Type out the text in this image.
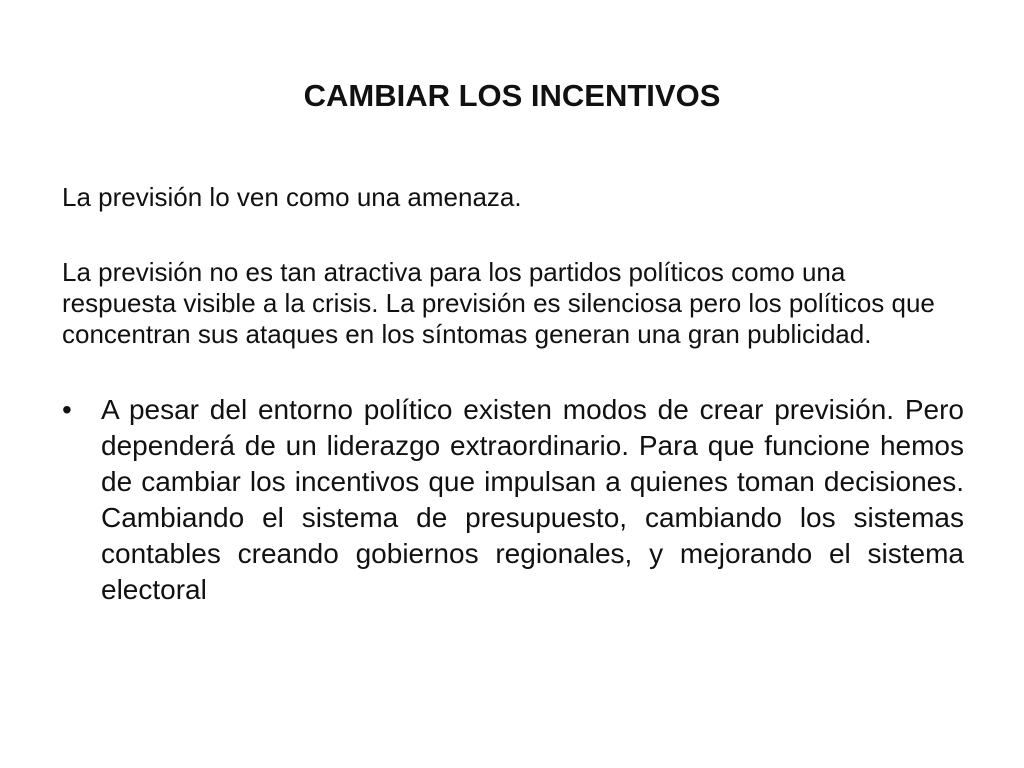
CAMBIAR LOS INCENTIVOS
La previsión lo ven como una amenaza.
La previsión no es tan atractiva para los partidos políticos como una respuesta visible a la crisis. La previsión es silenciosa pero los políticos que concentran sus ataques en los síntomas generan una gran publicidad.
• A pesar del entorno político existen modos de crear previsión. Pero dependerá de un liderazgo extraordinario. Para que funcione hemos de cambiar los incentivos que impulsan a quienes toman decisiones. Cambiando el sistema de presupuesto, cambiando los sistemas contables creando gobiernos regionales, y mejorando el sistema electoral
